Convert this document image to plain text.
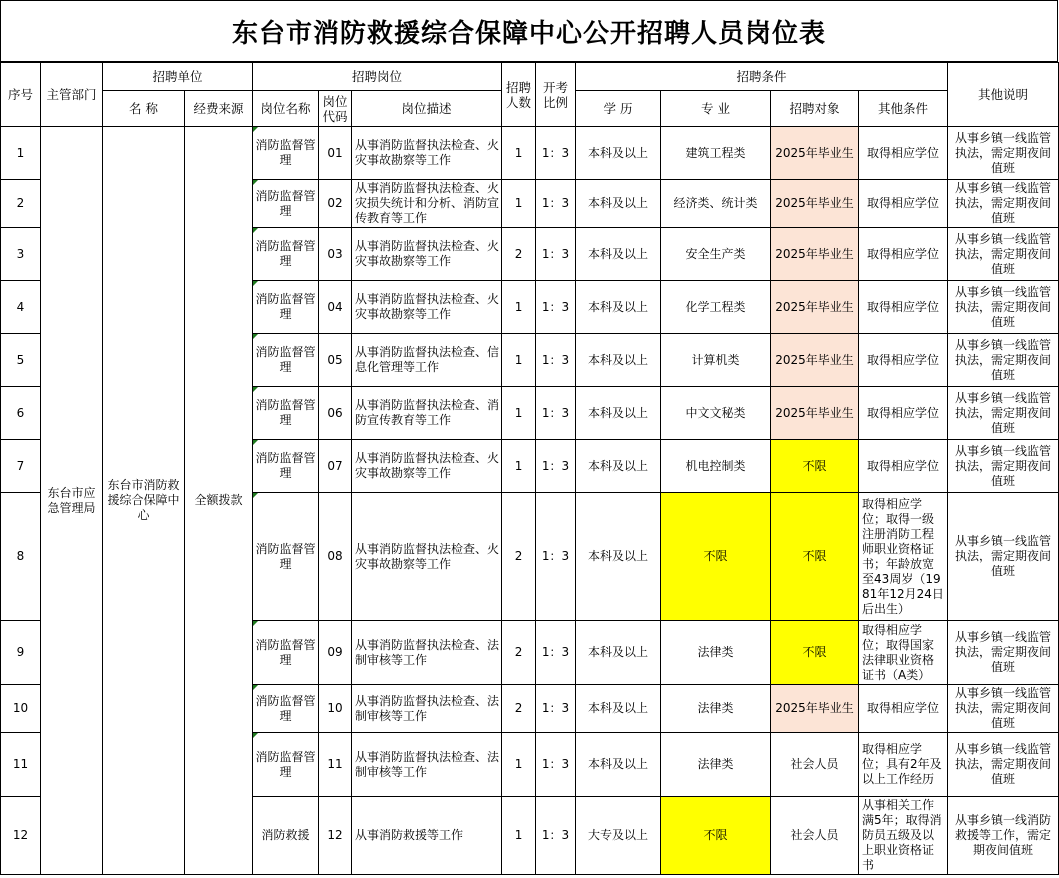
东台市消防救援综合保障中心公开招聘人员岗位表
序号	主管部门	招聘单位		招聘岗位			招聘人数	开考比例	招聘条件				其他说明
		名 称	经费来源	岗位名称	岗位代码	岗位描述			学 历	专 业	招聘对象	其他条件	
1	东台市应急管理局	东台市消防救援综合保障中心	全额拨款	消防监督管理	01	从事消防监督执法检查、火灾事故勘察等工作	1	1：3	本科及以上	建筑工程类	2025年毕业生	取得相应学位	从事乡镇一线监管执法，需定期夜间值班
2				消防监督管理	02	从事消防监督执法检查、火灾损失统计和分析、消防宣传教育等工作	1	1：3	本科及以上	经济类、统计类	2025年毕业生	取得相应学位	从事乡镇一线监管执法，需定期夜间值班
3				消防监督管理	03	从事消防监督执法检查、火灾事故勘察等工作	2	1：3	本科及以上	安全生产类	2025年毕业生	取得相应学位	从事乡镇一线监管执法，需定期夜间值班
4				消防监督管理	04	从事消防监督执法检查、火灾事故勘察等工作	1	1：3	本科及以上	化学工程类	2025年毕业生	取得相应学位	从事乡镇一线监管执法，需定期夜间值班
5				消防监督管理	05	从事消防监督执法检查、信息化管理等工作	1	1：3	本科及以上	计算机类	2025年毕业生	取得相应学位	从事乡镇一线监管执法，需定期夜间值班
6				消防监督管理	06	从事消防监督执法检查、消防宣传教育等工作	1	1：3	本科及以上	中文文秘类	2025年毕业生	取得相应学位	从事乡镇一线监管执法，需定期夜间值班
7				消防监督管理	07	从事消防监督执法检查、火灾事故勘察等工作	1	1：3	本科及以上	机电控制类	不限	取得相应学位	从事乡镇一线监管执法，需定期夜间值班
8				消防监督管理	08	从事消防监督执法检查、火灾事故勘察等工作	2	1：3	本科及以上	不限	不限	取得相应学位；取得一级注册消防工程师职业资格证书；年龄放宽至43周岁（1981年12月24日后出生）	从事乡镇一线监管执法，需定期夜间值班
9				消防监督管理	09	从事消防监督执法检查、法制审核等工作	2	1：3	本科及以上	法律类	不限	取得相应学位；取得国家法律职业资格证书（A类）	从事乡镇一线监管执法，需定期夜间值班
10				消防监督管理	10	从事消防监督执法检查、法制审核等工作	2	1：3	本科及以上	法律类	2025年毕业生	取得相应学位	从事乡镇一线监管执法，需定期夜间值班
11				消防监督管理	11	从事消防监督执法检查、法制审核等工作	1	1：3	本科及以上	法律类	社会人员	取得相应学位；具有2年及以上工作经历	从事乡镇一线监管执法，需定期夜间值班
12				消防救援	12	从事消防救援等工作	1	1：3	大专及以上	不限	社会人员	从事相关工作满5年；取得消防员五级及以上职业资格证书	从事乡镇一线消防救援等工作，需定期夜间值班
